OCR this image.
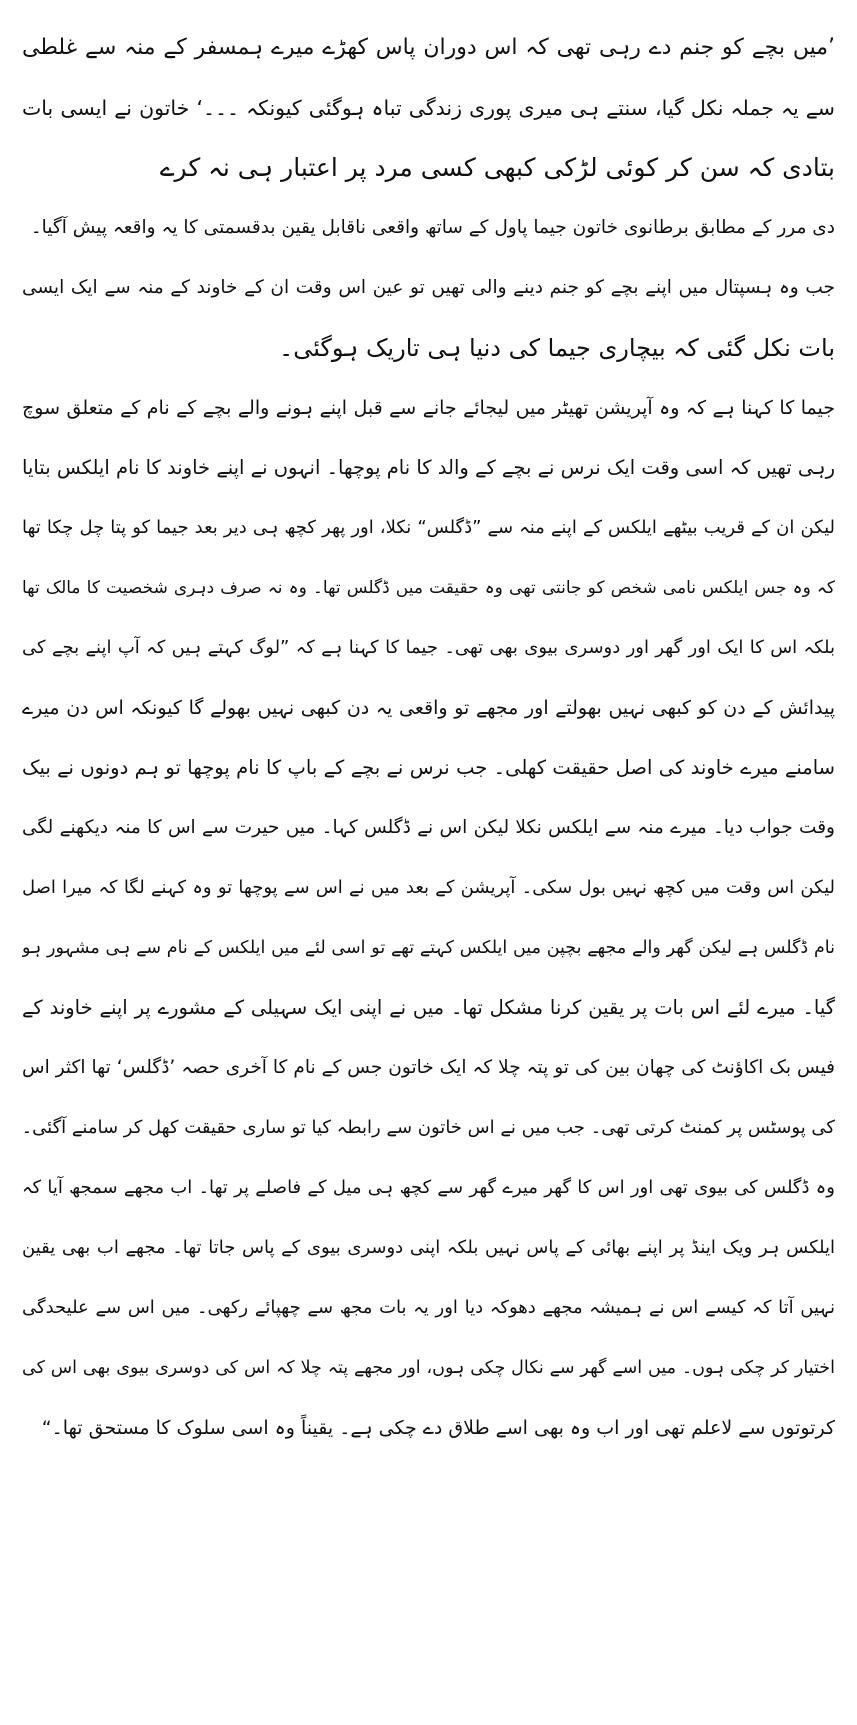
’میں بچے کو جنم دے رہی تھی کہ اس دوران پاس کھڑے میرے ہمسفر کے منہ سے غلطی
سے یہ جملہ نکل گیا، سنتے ہی میری پوری زندگی تباہ ہوگئی کیونکہ ۔۔۔‘ خاتون نے ایسی بات
بتادی کہ سن کر کوئی لڑکی کبھی کسی مرد پر اعتبار ہی نہ کرے
دی مرر کے مطابق برطانوی خاتون جیما پاول کے ساتھ واقعی ناقابل یقین بدقسمتی کا یہ واقعہ پیش آگیا۔
جب وہ ہسپتال میں اپنے بچے کو جنم دینے والی تھیں تو عین اس وقت ان کے خاوند کے منہ سے ایک ایسی
بات نکل گئی کہ بیچاری جیما کی دنیا ہی تاریک ہوگئی۔
جیما کا کہنا ہے کہ وہ آپریشن تھیٹر میں لیجائے جانے سے قبل اپنے ہونے والے بچے کے نام کے متعلق سوچ
رہی تھیں کہ اسی وقت ایک نرس نے بچے کے والد کا نام پوچھا۔ انہوں نے اپنے خاوند کا نام ایلکس بتایا
لیکن ان کے قریب بیٹھے ایلکس کے اپنے منہ سے ”ڈگلس“ نکلا، اور پھر کچھ ہی دیر بعد جیما کو پتا چل چکا تھا
کہ وہ جس ایلکس نامی شخص کو جانتی تھی وہ حقیقت میں ڈگلس تھا۔ وہ نہ صرف دہری شخصیت کا مالک تھا
بلکہ اس کا ایک اور گھر اور دوسری بیوی بھی تھی۔ جیما کا کہنا ہے کہ ”لوگ کہتے ہیں کہ آپ اپنے بچے کی
پیدائش کے دن کو کبھی نہیں بھولتے اور مجھے تو واقعی یہ دن کبھی نہیں بھولے گا کیونکہ اس دن میرے
سامنے میرے خاوند کی اصل حقیقت کھلی۔ جب نرس نے بچے کے باپ کا نام پوچھا تو ہم دونوں نے بیک
وقت جواب دیا۔ میرے منہ سے ایلکس نکلا لیکن اس نے ڈگلس کہا۔ میں حیرت سے اس کا منہ دیکھنے لگی
لیکن اس وقت میں کچھ نہیں بول سکی۔ آپریشن کے بعد میں نے اس سے پوچھا تو وہ کہنے لگا کہ میرا اصل
نام ڈگلس ہے لیکن گھر والے مجھے بچپن میں ایلکس کہتے تھے تو اسی لئے میں ایلکس کے نام سے ہی مشہور ہو
گیا۔ میرے لئے اس بات پر یقین کرنا مشکل تھا۔ میں نے اپنی ایک سہیلی کے مشورے پر اپنے خاوند کے
فیس بک اکاؤنٹ کی چھان بین کی تو پتہ چلا کہ ایک خاتون جس کے نام کا آخری حصہ ’ڈگلس‘ تھا اکثر اس
کی پوسٹس پر کمنٹ کرتی تھی۔ جب میں نے اس خاتون سے رابطہ کیا تو ساری حقیقت کھل کر سامنے آگئی۔
وہ ڈگلس کی بیوی تھی اور اس کا گھر میرے گھر سے کچھ ہی میل کے فاصلے پر تھا۔ اب مجھے سمجھ آیا کہ
ایلکس ہر ویک اینڈ پر اپنے بھائی کے پاس نہیں بلکہ اپنی دوسری بیوی کے پاس جاتا تھا۔ مجھے اب بھی یقین
نہیں آتا کہ کیسے اس نے ہمیشہ مجھے دھوکہ دیا اور یہ بات مجھ سے چھپائے رکھی۔ میں اس سے علیحدگی
اختیار کر چکی ہوں۔ میں اسے گھر سے نکال چکی ہوں، اور مجھے پتہ چلا کہ اس کی دوسری بیوی بھی اس کی
کرتوتوں سے لاعلم تھی اور اب وہ بھی اسے طلاق دے چکی ہے۔ یقیناً وہ اسی سلوک کا مستحق تھا۔“
